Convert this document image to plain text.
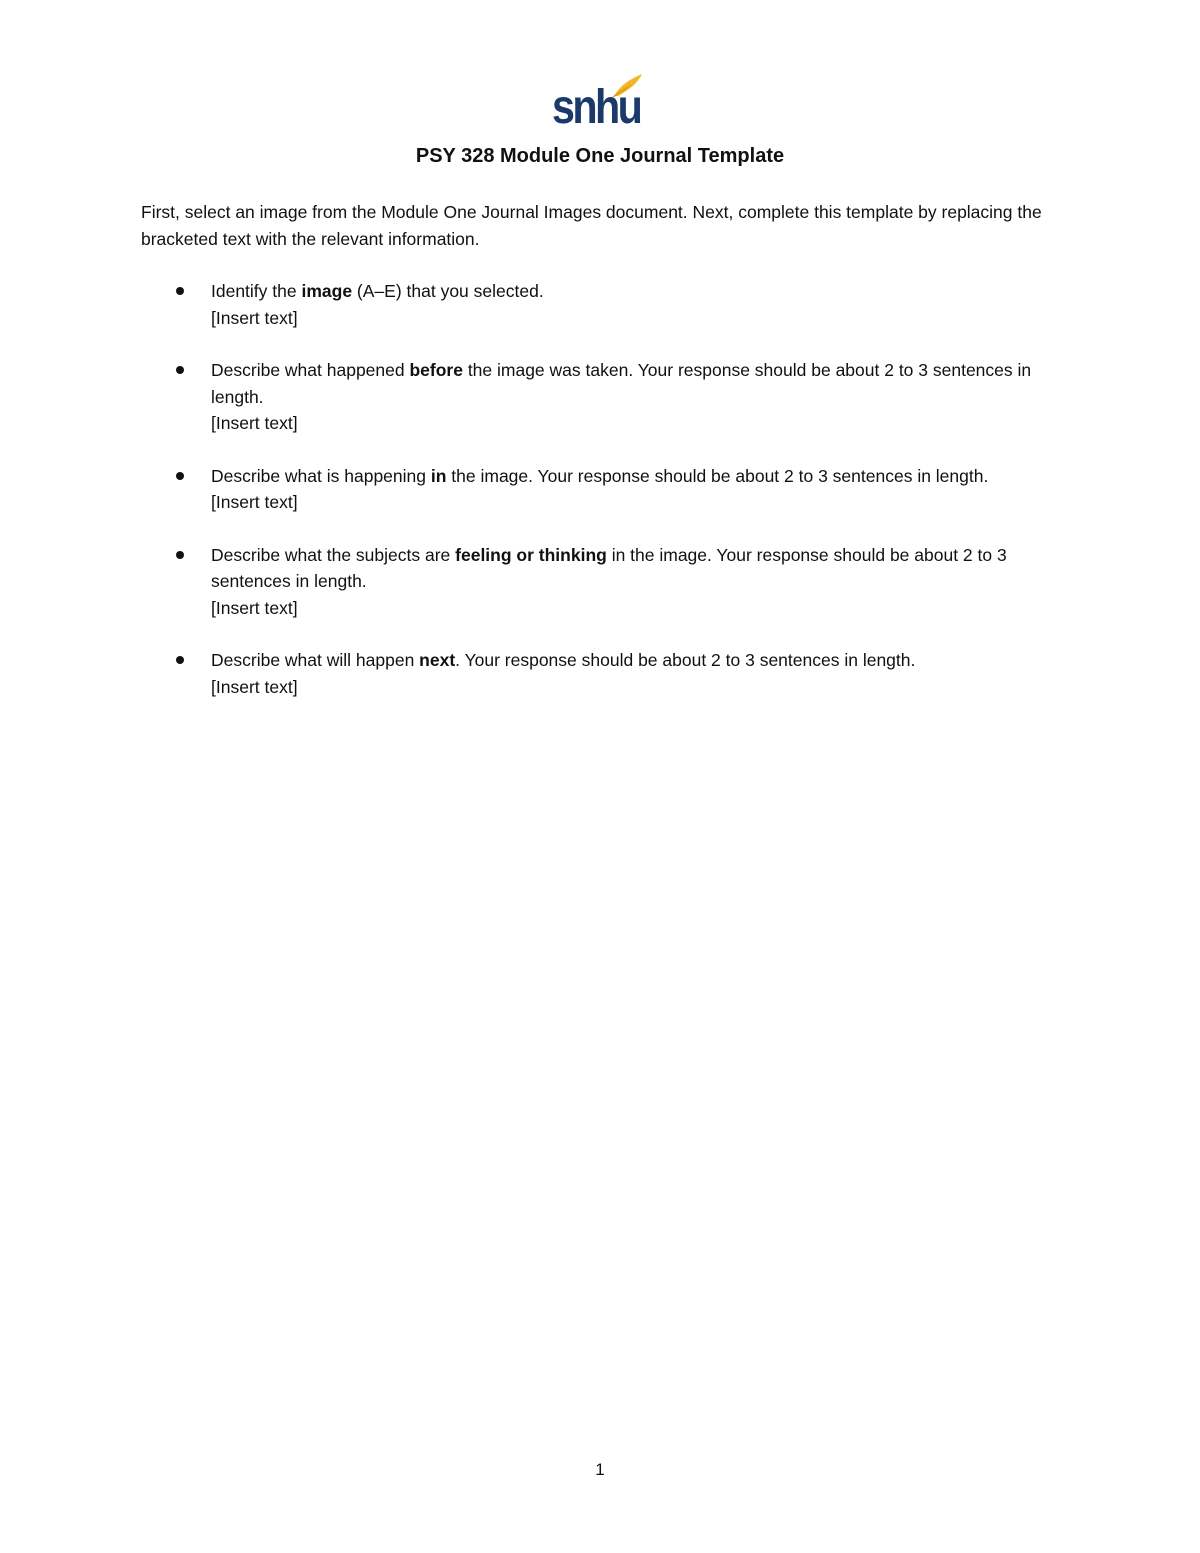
snhu
PSY 328 Module One Journal Template
First, select an image from the Module One Journal Images document. Next, complete this template by replacing the bracketed text with the relevant information.
Identify the image (A–E) that you selected.
[Insert text]
Describe what happened before the image was taken. Your response should be about 2 to 3 sentences in length.
[Insert text]
Describe what is happening in the image. Your response should be about 2 to 3 sentences in length.
[Insert text]
Describe what the subjects are feeling or thinking in the image. Your response should be about 2 to 3 sentences in length.
[Insert text]
Describe what will happen next. Your response should be about 2 to 3 sentences in length.
[Insert text]
1
